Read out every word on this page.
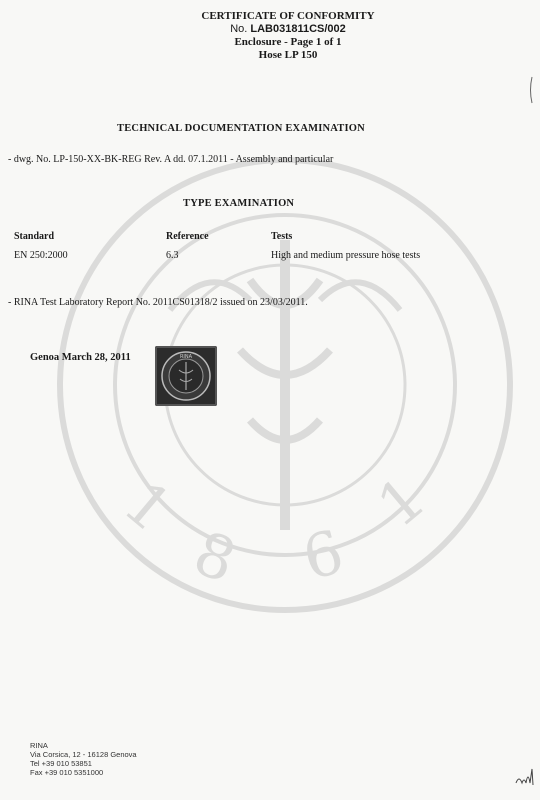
1
8 6
1
CERTIFICATE OF CONFORMITY
No. LAB031811CS/002
Enclosure - Page 1 of 1
Hose LP 150
TECHNICAL DOCUMENTATION EXAMINATION
- dwg. No. LP-150-XX-BK-REG Rev. A dd. 07.1.2011 - Assembly and particular
TYPE EXAMINATION
Standard	Reference	Tests
EN 250:2000	6.3	High and medium pressure hose tests
- RINA Test Laboratory Report No. 2011CS01318/2 issued on 23/03/2011.
Genoa March 28, 2011	RINA
RINA
Via Corsica, 12 - 16128 Genova
Tel +39 010 53851
Fax +39 010 5351000
